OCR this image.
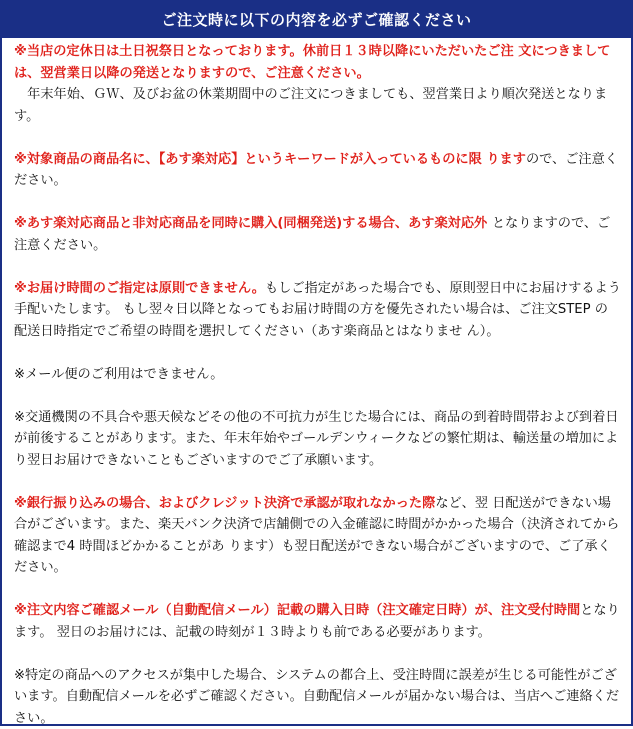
ご注文時に以下の内容を必ずご確認ください

※当店の定休日は土日祝祭日となっております。休前日１３時以降にいただいたご注 文につきましては、翌営業日以降の発送となりますので、ご注意ください。
　年末年始、ＧＷ、及びお盆の休業期間中のご注文につきましても、翌営業日より順次発送となります。

※対象商品の商品名に、【あす楽対応】というキーワードが入っているものに限 りますので、ご注意ください。

※あす楽対応商品と非対応商品を同時に購入(同梱発送)する場合、あす楽対応外 となりますので、ご注意ください。

※お届け時間のご指定は原則できません。もしご指定があった場合でも、原則翌日中にお届けするよう手配いたします。 もし翌々日以降となってもお届け時間の方を優先されたい場合は、ご注文STEP の配送日時指定でご希望の時間を選択してください（あす楽商品とはなりませ ん）。

※メール便のご利用はできません。

※交通機関の不具合や悪天候などその他の不可抗力が生じた場合には、商品の到着時間帯および到着日が前後することがあります。また、年末年始やゴールデンウィークなどの繁忙期は、輸送量の増加により翌日お届けできないこともございますのでご了承願います。

※銀行振り込みの場合、およびクレジット決済で承認が取れなかった際など、翌 日配送ができない場合がございます。また、楽天バンク決済で店舗側での入金確認に時間がかかった場合（決済されてから確認まで4 時間ほどかかることがあ ります）も翌日配送ができない場合がございますので、ご了承ください。

※注文内容ご確認メール（自動配信メール）記載の購入日時（注文確定日時）が、注文受付時間となります。 翌日のお届けには、記載の時刻が１３時よりも前である必要があります。

※特定の商品へのアクセスが集中した場合、システムの都合上、受注時間に誤差が生じる可能性がございます。自動配信メールを必ずご確認ください。自動配信メールが届かない場合は、当店へご連絡ください。
